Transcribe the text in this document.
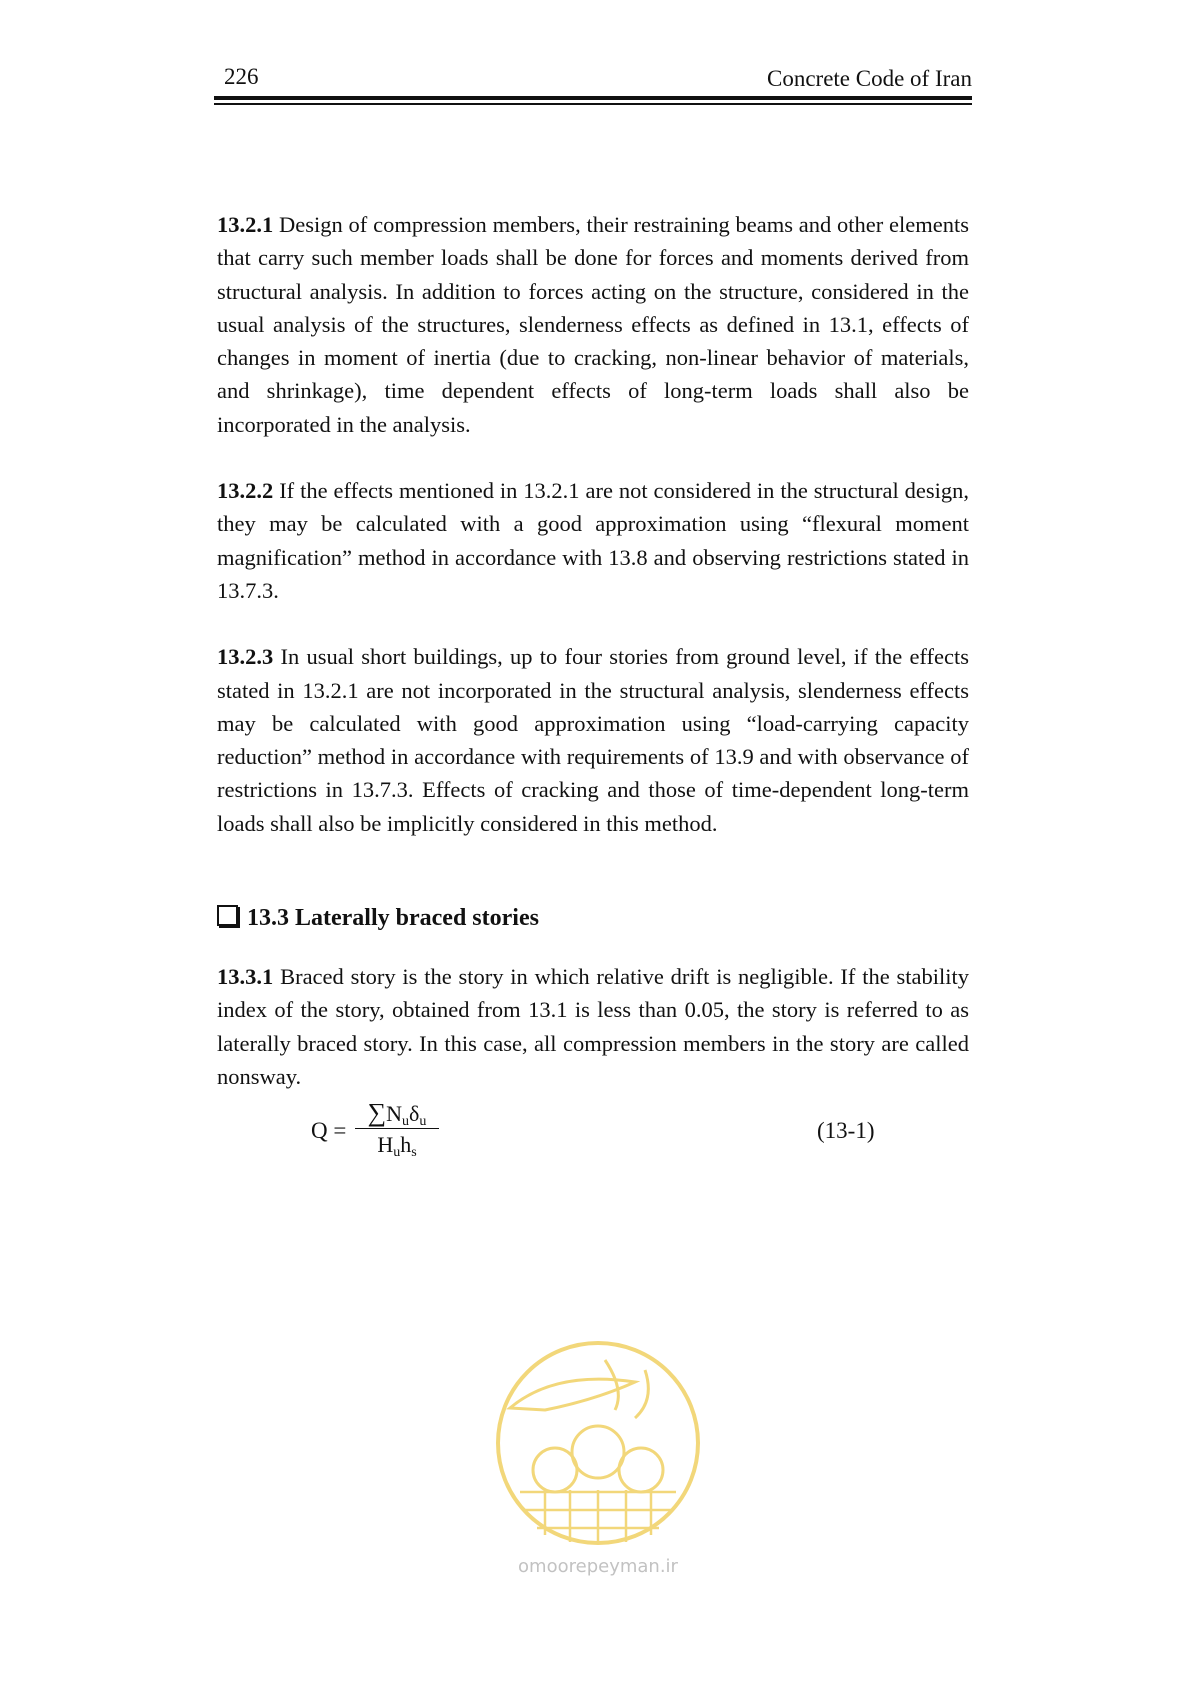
226	Concrete Code of Iran

13.2.1 Design of compression members, their restraining beams and other elements that carry such member loads shall be done for forces and moments derived from structural analysis. In addition to forces acting on the structure, considered in the usual analysis of the structures, slenderness effects as defined in 13.1, effects of changes in moment of inertia (due to cracking, non-linear behavior of materials, and shrinkage), time dependent effects of long-term loads shall also be incorporated in the analysis.

13.2.2 If the effects mentioned in 13.2.1 are not considered in the structural design, they may be calculated with a good approximation using “flexural moment magnification” method in accordance with 13.8 and observing restrictions stated in 13.7.3.

13.2.3 In usual short buildings, up to four stories from ground level, if the effects stated in 13.2.1 are not incorporated in the structural analysis, slenderness effects may be calculated with good approximation using “load-carrying capacity reduction” method in accordance with requirements of 13.9 and with observance of restrictions in 13.7.3. Effects of cracking and those of time-dependent long-term loads shall also be implicitly considered in this method.

13.3 Laterally braced stories

13.3.1 Braced story is the story in which relative drift is negligible. If the stability index of the story, obtained from 13.1 is less than 0.05, the story is referred to as laterally braced story. In this case, all compression members in the story are called nonsway.

Q =
$\sum N_u\delta_u$
$H_uh_s$
(13-1)
omoorepeyman.ir
